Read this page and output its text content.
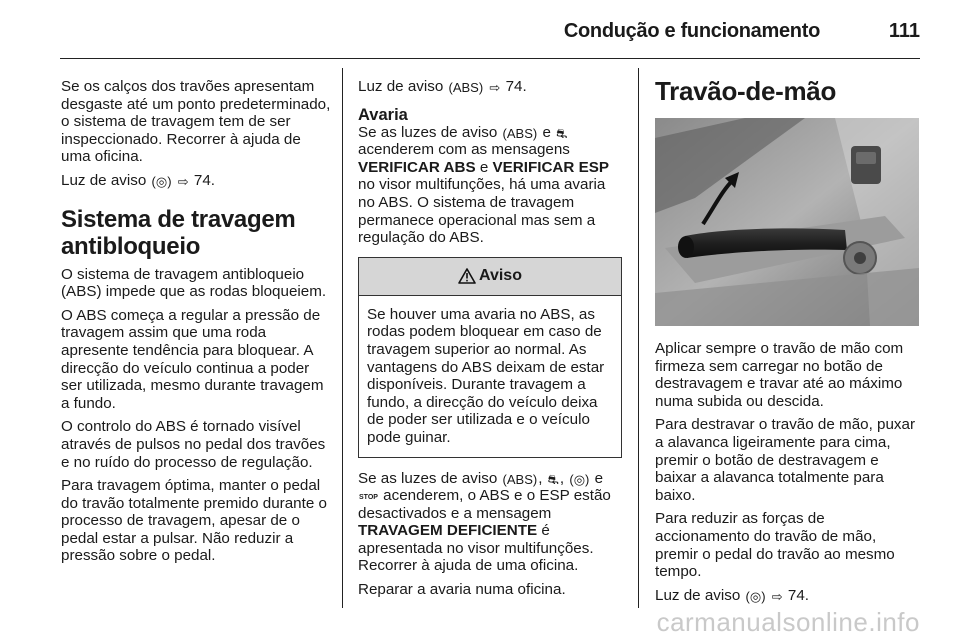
Condução e funcionamento	111

Se os calços dos travões apresentam desgaste até um ponto predeterminado, o sistema de travagem tem de ser inspeccionado. Recorrer à ajuda de uma oficina.

Luz de aviso (◎) ⇨ 74.

Sistema de travagem antibloqueio

O sistema de travagem antibloqueio (ABS) impede que as rodas bloqueiem.

O ABS começa a regular a pressão de travagem assim que uma roda apresente tendência para bloquear. A direcção do veículo continua a poder ser utilizada, mesmo durante travagem a fundo.

O controlo do ABS é tornado visível através de pulsos no pedal dos travões e no ruído do processo de regulação.

Para travagem óptima, manter o pedal do travão totalmente premido durante o processo de travagem, apesar de o pedal estar a pulsar. Não reduzir a pressão sobre o pedal.

Luz de aviso (ABS) ⇨ 74.

Avaria

Se as luzes de aviso (ABS) e ⛐ acenderem com as mensagens VERIFICAR ABS e VERIFICAR ESP no visor multifunções, há uma avaria no ABS. O sistema de travagem permanece operacional mas sem a regulação do ABS.

Aviso
Se houver uma avaria no ABS, as rodas podem bloquear em caso de travagem superior ao normal. As vantagens do ABS deixam de estar disponíveis. Durante travagem a fundo, a direcção do veículo deixa de poder ser utilizada e o veículo pode guinar.

Se as luzes de aviso (ABS), ⛐, (◎) e STOP acenderem, o ABS e o ESP estão desactivados e a mensagem TRAVAGEM DEFICIENTE é apresentada no visor multifunções. Recorrer à ajuda de uma oficina.

Reparar a avaria numa oficina.

Travão-de-mão

Aplicar sempre o travão de mão com firmeza sem carregar no botão de destravagem e travar até ao máximo numa subida ou descida.

Para destravar o travão de mão, puxar a alavanca ligeiramente para cima, premir o botão de destravagem e baixar a alavanca totalmente para baixo.

Para reduzir as forças de accionamento do travão de mão, premir o pedal do travão ao mesmo tempo.

Luz de aviso (◎) ⇨ 74.

carmanualsonline.info
